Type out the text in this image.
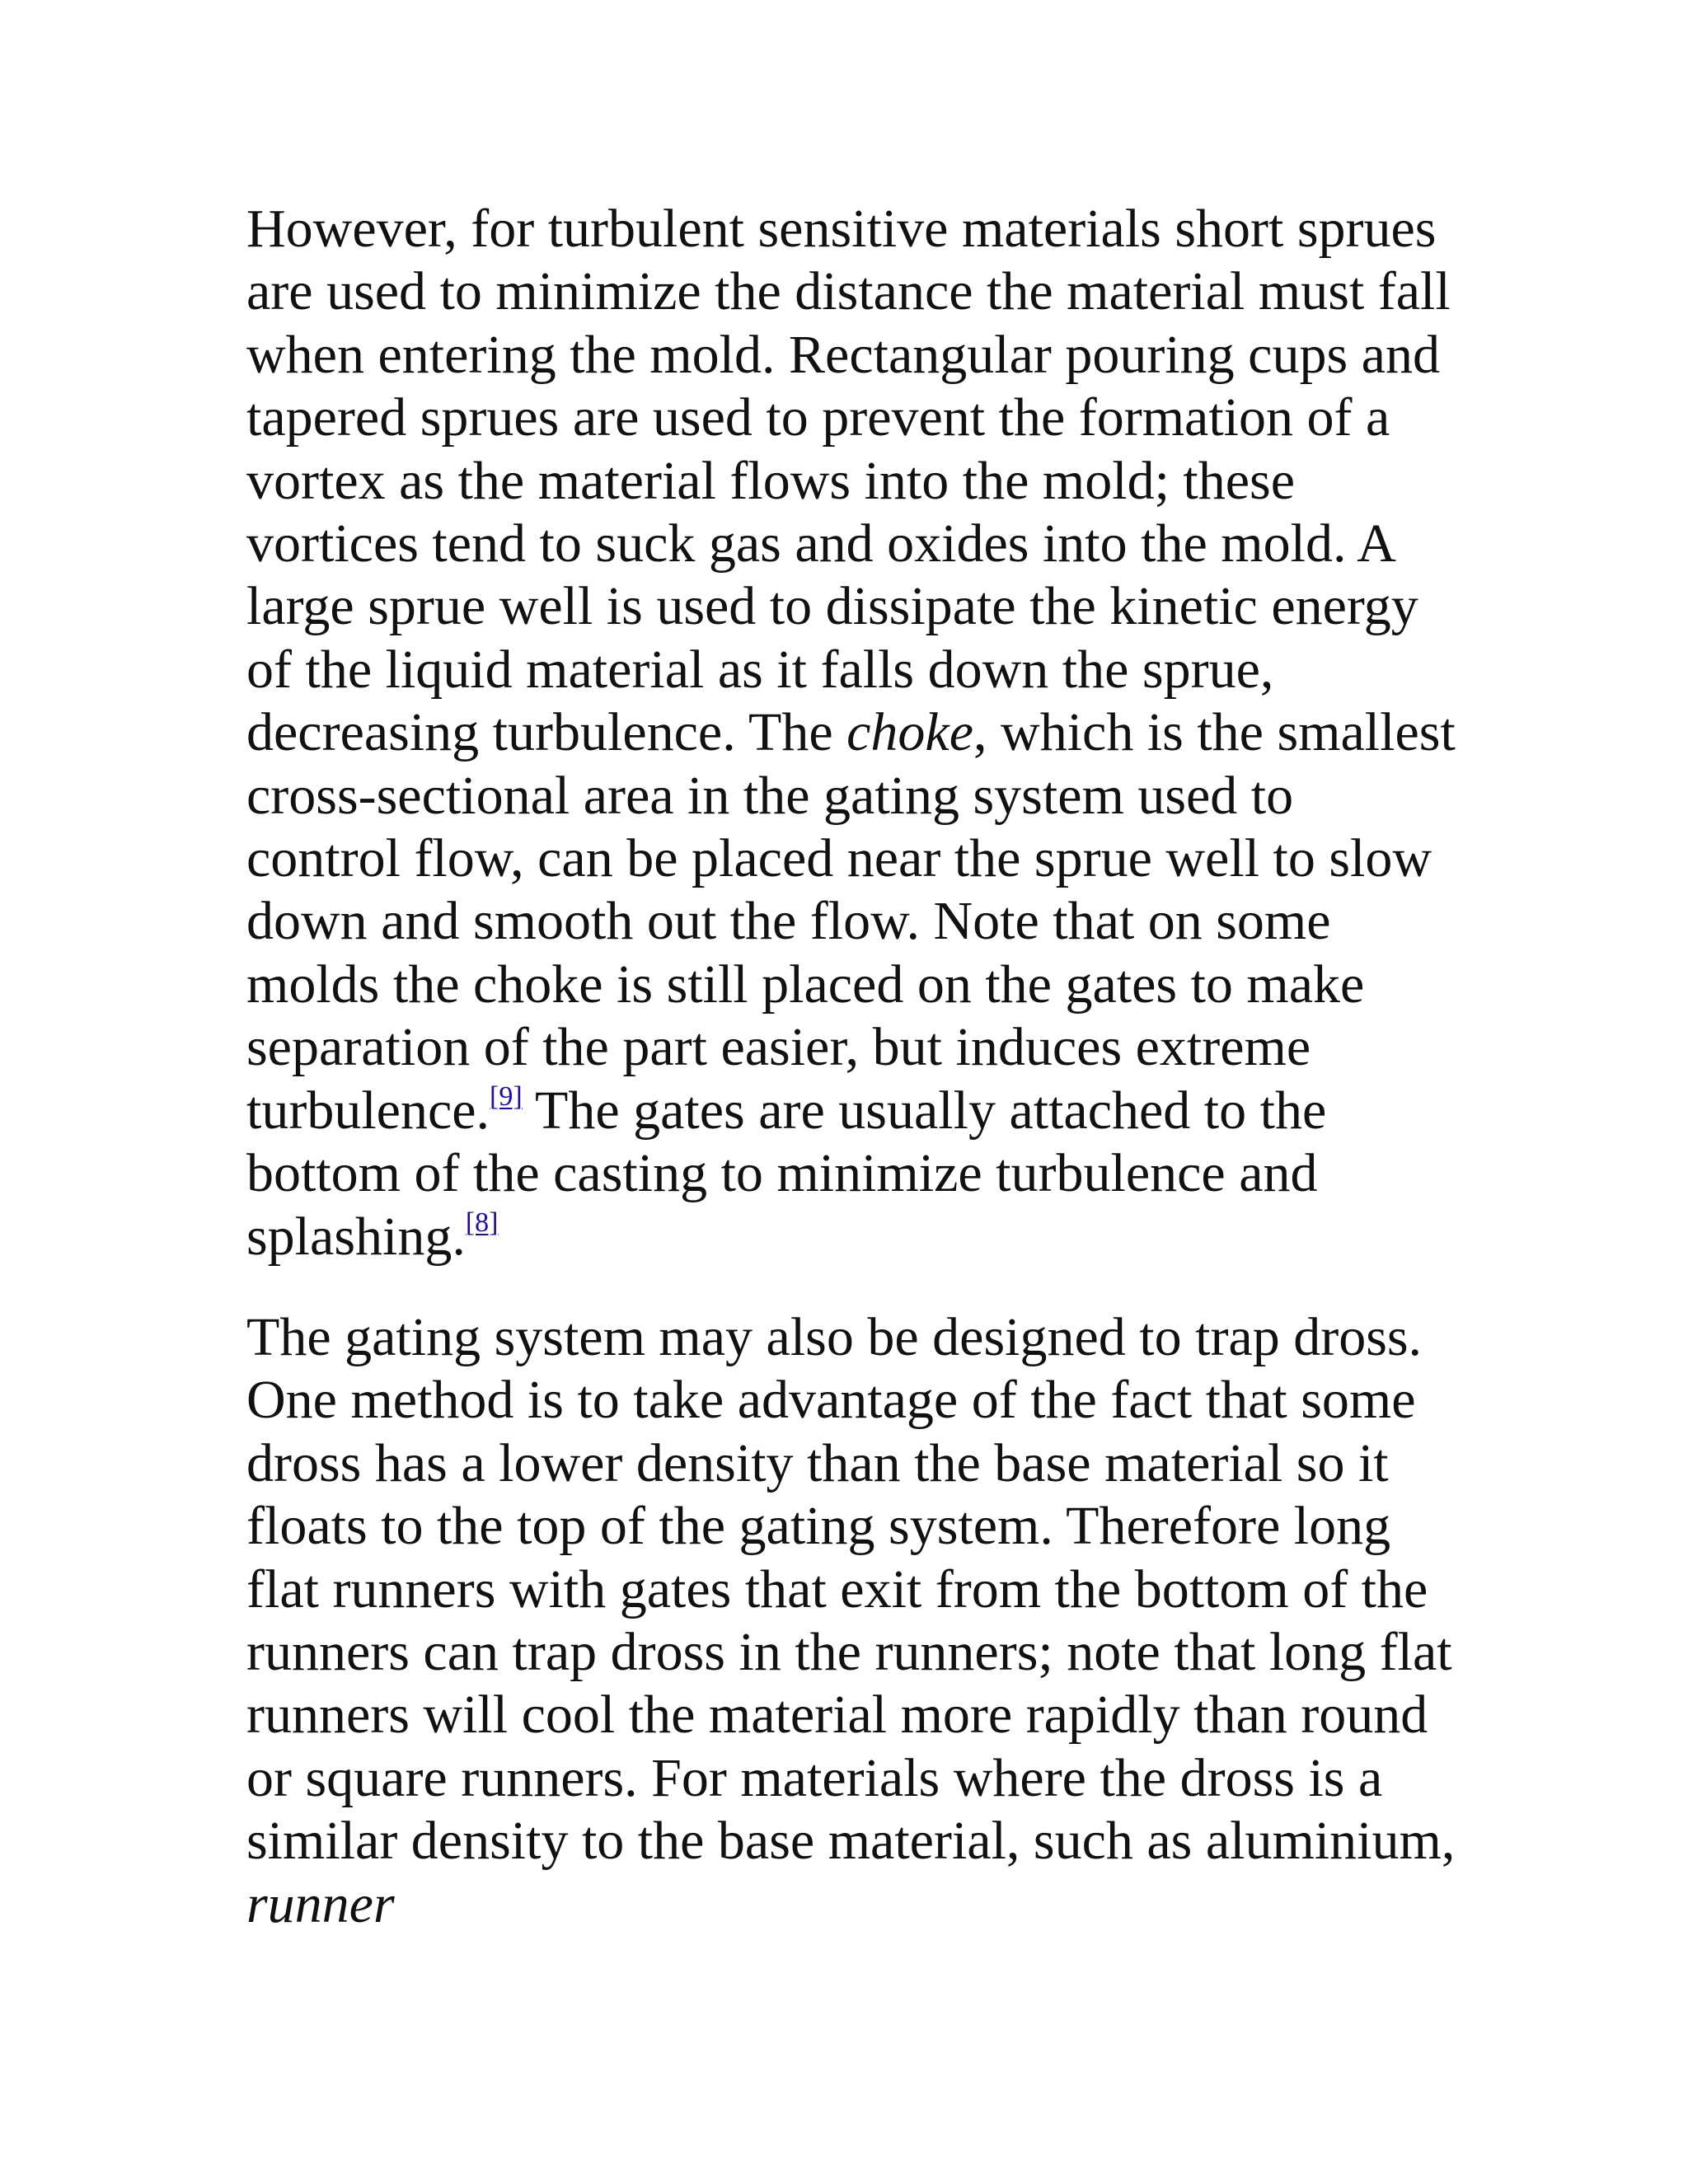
However, for turbulent sensitive materials short sprues are used to minimize the distance the material must fall when entering the mold. Rectangular pouring cups and tapered sprues are used to prevent the formation of a vortex as the material flows into the mold; these vortices tend to suck gas and oxides into the mold. A large sprue well is used to dissipate the kinetic energy of the liquid material as it falls down the sprue, decreasing turbulence. The choke, which is the smallest cross-sectional area in the gating system used to control flow, can be placed near the sprue well to slow down and smooth out the flow. Note that on some molds the choke is still placed on the gates to make separation of the part easier, but induces extreme turbulence.[9] The gates are usually attached to the bottom of the casting to minimize turbulence and splashing.[8]

The gating system may also be designed to trap dross. One method is to take advantage of the fact that some dross has a lower density than the base material so it floats to the top of the gating system. Therefore long flat runners with gates that exit from the bottom of the runners can trap dross in the runners; note that long flat runners will cool the material more rapidly than round or square runners. For materials where the dross is a similar density to the base material, such as aluminium, runner
